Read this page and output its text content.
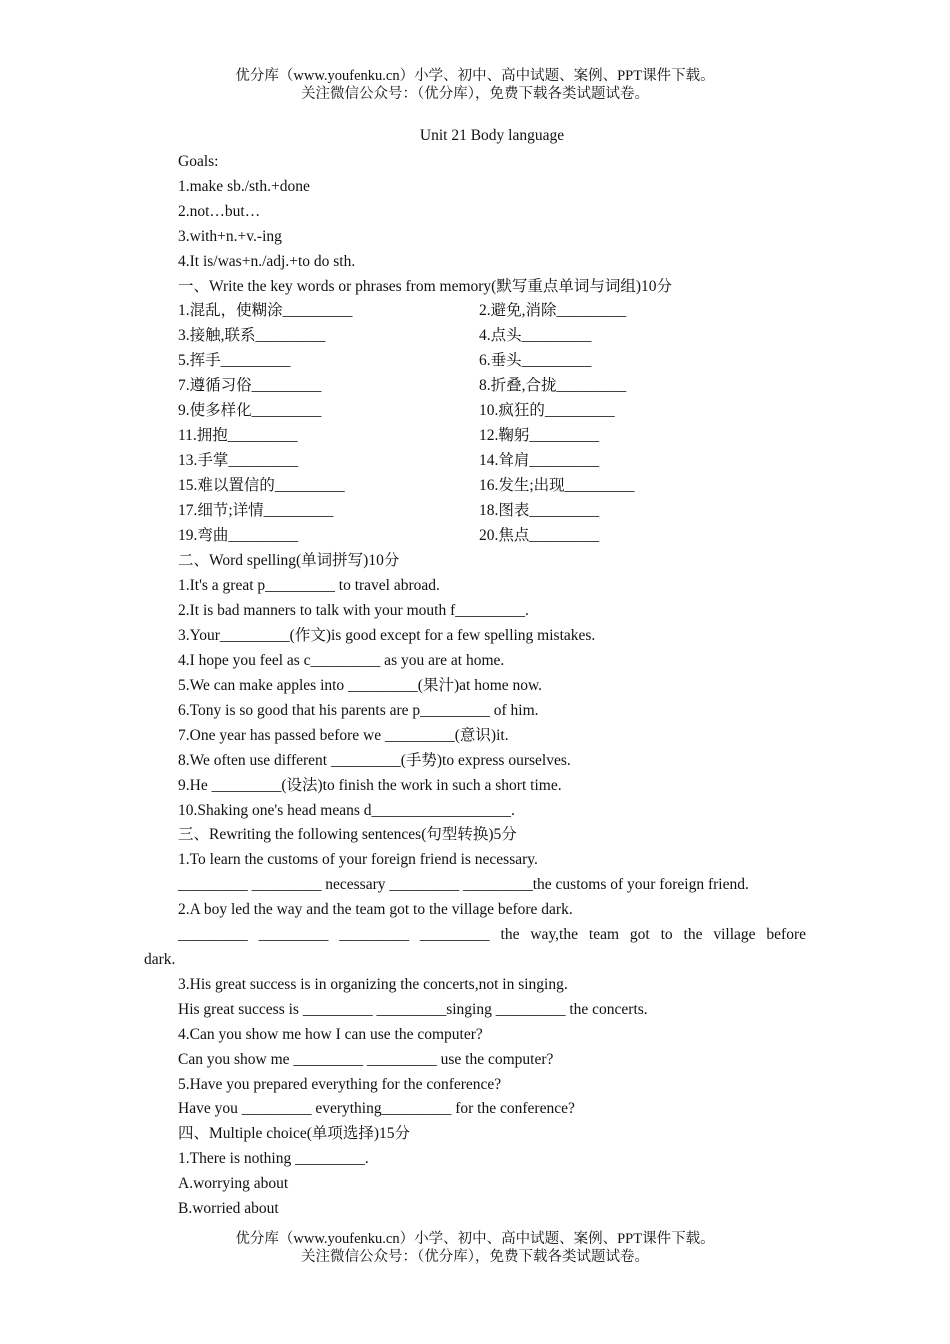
优分库（www.youfenku.cn）小学、初中、高中试题、案例、PPT课件下载。
关注微信公众号：（优分库），免费下载各类试题试卷。
Unit 21 Body language
Goals:
1.make sb./sth.+done
2.not…but…
3.with+n.+v.-ing
4.It is/was+n./adj.+to do sth.
一、Write the key words or phrases from memory(默写重点单词与词组)10分
1.混乱，使糊涂_________	2.避免,消除_________
3.接触,联系_________	4.点头_________
5.挥手_________	6.垂头_________
7.遵循习俗_________	8.折叠,合拢_________
9.使多样化_________	10.疯狂的_________
11.拥抱_________	12.鞠躬_________
13.手掌_________	14.耸肩_________
15.难以置信的_________	16.发生;出现_________
17.细节;详情_________	18.图表_________
19.弯曲_________	20.焦点_________
二、Word spelling(单词拼写)10分
1.It's a great p_________ to travel abroad.
2.It is bad manners to talk with your mouth f_________.
3.Your_________(作文)is good except for a few spelling mistakes.
4.I hope you feel as c_________ as you are at home.
5.We can make apples into _________(果汁)at home now.
6.Tony is so good that his parents are p_________ of him.
7.One year has passed before we _________(意识)it.
8.We often use different _________(手势)to express ourselves.
9.He _________(设法)to finish the work in such a short time.
10.Shaking one's head means d__________________.
三、Rewriting the following sentences(句型转换)5分
1.To learn the customs of your foreign friend is necessary.
_________ _________ necessary _________ _________the customs of your foreign friend.
2.A boy led the way and the team got to the village before dark.
_________ _________ _________ _________ the way,the team got to the village before
dark.
3.His great success is in organizing the concerts,not in singing.
His great success is _________ _________singing _________ the concerts.
4.Can you show me how I can use the computer?
Can you show me _________ _________ use the computer?
5.Have you prepared everything for the conference?
Have you _________ everything_________ for the conference?
四、Multiple choice(单项选择)15分
1.There is nothing _________.
A.worrying about
B.worried about
优分库（www.youfenku.cn）小学、初中、高中试题、案例、PPT课件下载。
关注微信公众号：（优分库），免费下载各类试题试卷。
